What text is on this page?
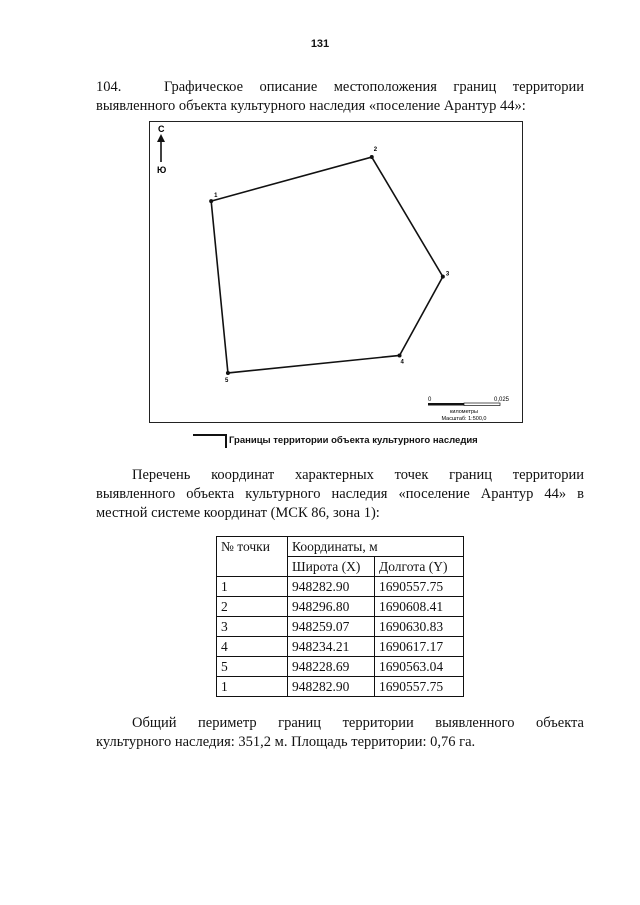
131
104.	Графическое описание местоположения границ территории
выявленного объекта культурного наследия «поселение Арантур 44»:
С
Ю
1
2
3
4
5
0	0,025
километры
Масштаб: 1:500,0
Границы территории объекта культурного наследия
Перечень координат характерных точек границ территории
выявленного объекта культурного наследия «поселение Арантур 44» в
местной системе координат (МСК 86, зона 1):
№ точки	Координаты, м	
	Широта (X)	Долгота (Y)
1	948282.90	1690557.75
2	948296.80	1690608.41
3	948259.07	1690630.83
4	948234.21	1690617.17
5	948228.69	1690563.04
1	948282.90	1690557.75
Общий периметр границ территории выявленного объекта
культурного наследия: 351,2 м. Площадь территории: 0,76 га.
